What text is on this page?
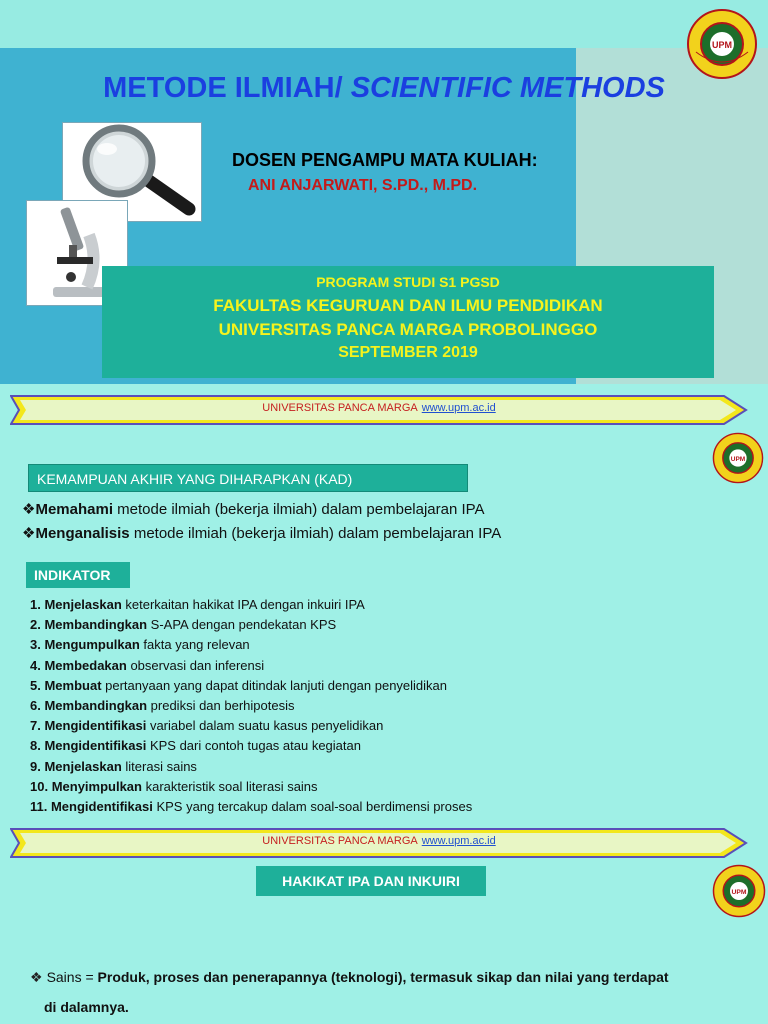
METODE ILMIAH/ SCIENTIFIC METHODS
DOSEN PENGAMPU MATA KULIAH:
ANI ANJARWATI, S.PD., M.PD.
PROGRAM STUDI S1 PGSD
FAKULTAS KEGURUAN DAN ILMU PENDIDIKAN
UNIVERSITAS PANCA MARGA PROBOLINGGO
SEPTEMBER 2019
UPM
UNIVERSITAS PANCA MARGA www.upm.ac.id
UPM
KEMAMPUAN AKHIR YANG DIHARAPKAN (KAD)
❖Memahami metode ilmiah (bekerja ilmiah) dalam pembelajaran IPA
❖Menganalisis metode ilmiah (bekerja ilmiah) dalam pembelajaran IPA
INDIKATOR
1. Menjelaskan keterkaitan hakikat IPA dengan inkuiri IPA
2. Membandingkan S-APA dengan pendekatan KPS
3. Mengumpulkan fakta yang relevan
4. Membedakan observasi dan inferensi
5. Membuat pertanyaan yang dapat ditindak lanjuti dengan penyelidikan
6. Membandingkan prediksi dan berhipotesis
7. Mengidentifikasi variabel dalam suatu kasus penyelidikan
8. Mengidentifikasi KPS dari contoh tugas atau kegiatan
9. Menjelaskan literasi sains
10. Menyimpulkan karakteristik soal literasi sains
11. Mengidentifikasi KPS yang tercakup dalam soal-soal berdimensi proses
UNIVERSITAS PANCA MARGA www.upm.ac.id
HAKIKAT IPA DAN INKUIRI
UPM
❖ Sains = Produk, proses dan penerapannya (teknologi), termasuk sikap dan nilai yang terdapat
di dalamnya.
